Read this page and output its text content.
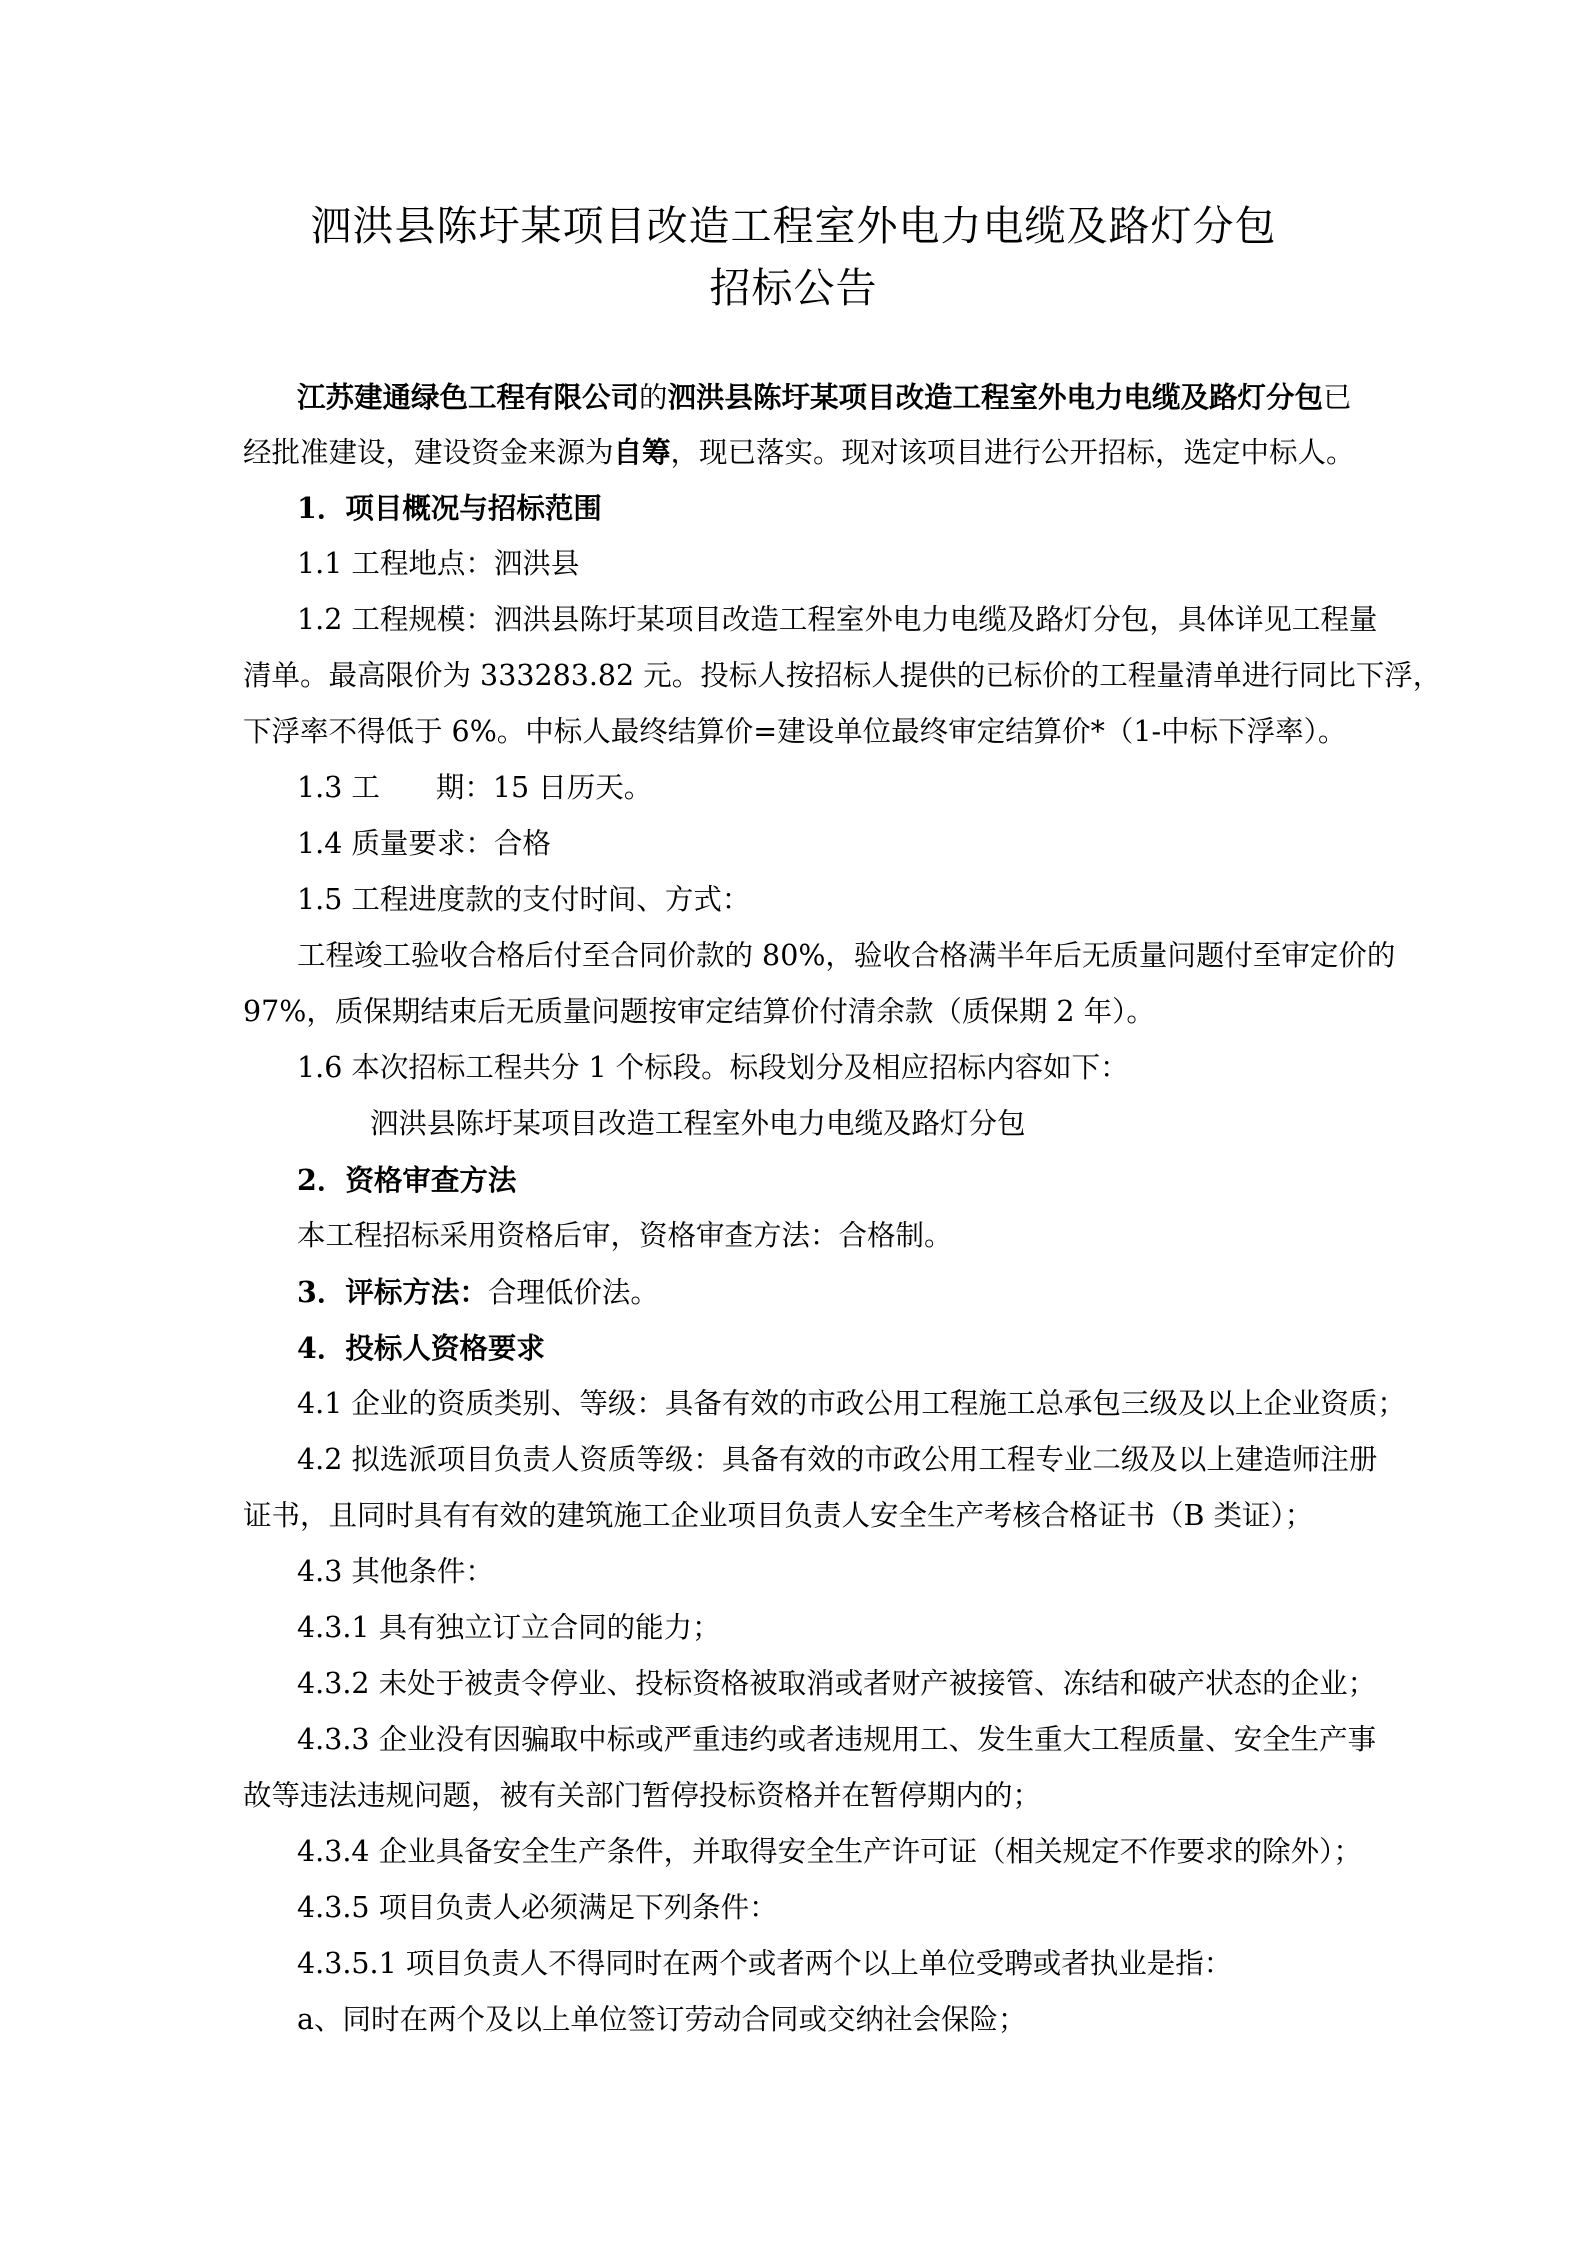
泗洪县陈圩某项目改造工程室外电力电缆及路灯分包
招标公告
江苏建通绿色工程有限公司的泗洪县陈圩某项目改造工程室外电力电缆及路灯分包已
经批准建设，建设资金来源为自筹，现已落实。现对该项目进行公开招标，选定中标人。
1．项目概况与招标范围
1.1 工程地点：泗洪县
1.2 工程规模：泗洪县陈圩某项目改造工程室外电力电缆及路灯分包，具体详见工程量
清单。最高限价为 333283.82 元。投标人按招标人提供的已标价的工程量清单进行同比下浮，
下浮率不得低于 6%。中标人最终结算价=建设单位最终审定结算价*（1-中标下浮率）。
1.3 工 期：15 日历天。
1.4 质量要求：合格
1.5 工程进度款的支付时间、方式：
工程竣工验收合格后付至合同价款的 80%，验收合格满半年后无质量问题付至审定价的
97%，质保期结束后无质量问题按审定结算价付清余款（质保期 2 年）。
1.6 本次招标工程共分 1 个标段。标段划分及相应招标内容如下：
泗洪县陈圩某项目改造工程室外电力电缆及路灯分包
2．资格审查方法
本工程招标采用资格后审，资格审查方法：合格制。
3．评标方法：合理低价法。
4．投标人资格要求
4.1 企业的资质类别、等级：具备有效的市政公用工程施工总承包三级及以上企业资质；
4.2 拟选派项目负责人资质等级：具备有效的市政公用工程专业二级及以上建造师注册
证书，且同时具有有效的建筑施工企业项目负责人安全生产考核合格证书（B 类证）；
4.3 其他条件：
4.3.1 具有独立订立合同的能力；
4.3.2 未处于被责令停业、投标资格被取消或者财产被接管、冻结和破产状态的企业；
4.3.3 企业没有因骗取中标或严重违约或者违规用工、发生重大工程质量、安全生产事
故等违法违规问题，被有关部门暂停投标资格并在暂停期内的；
4.3.4 企业具备安全生产条件，并取得安全生产许可证（相关规定不作要求的除外）；
4.3.5 项目负责人必须满足下列条件：
4.3.5.1 项目负责人不得同时在两个或者两个以上单位受聘或者执业是指：
a、同时在两个及以上单位签订劳动合同或交纳社会保险；
